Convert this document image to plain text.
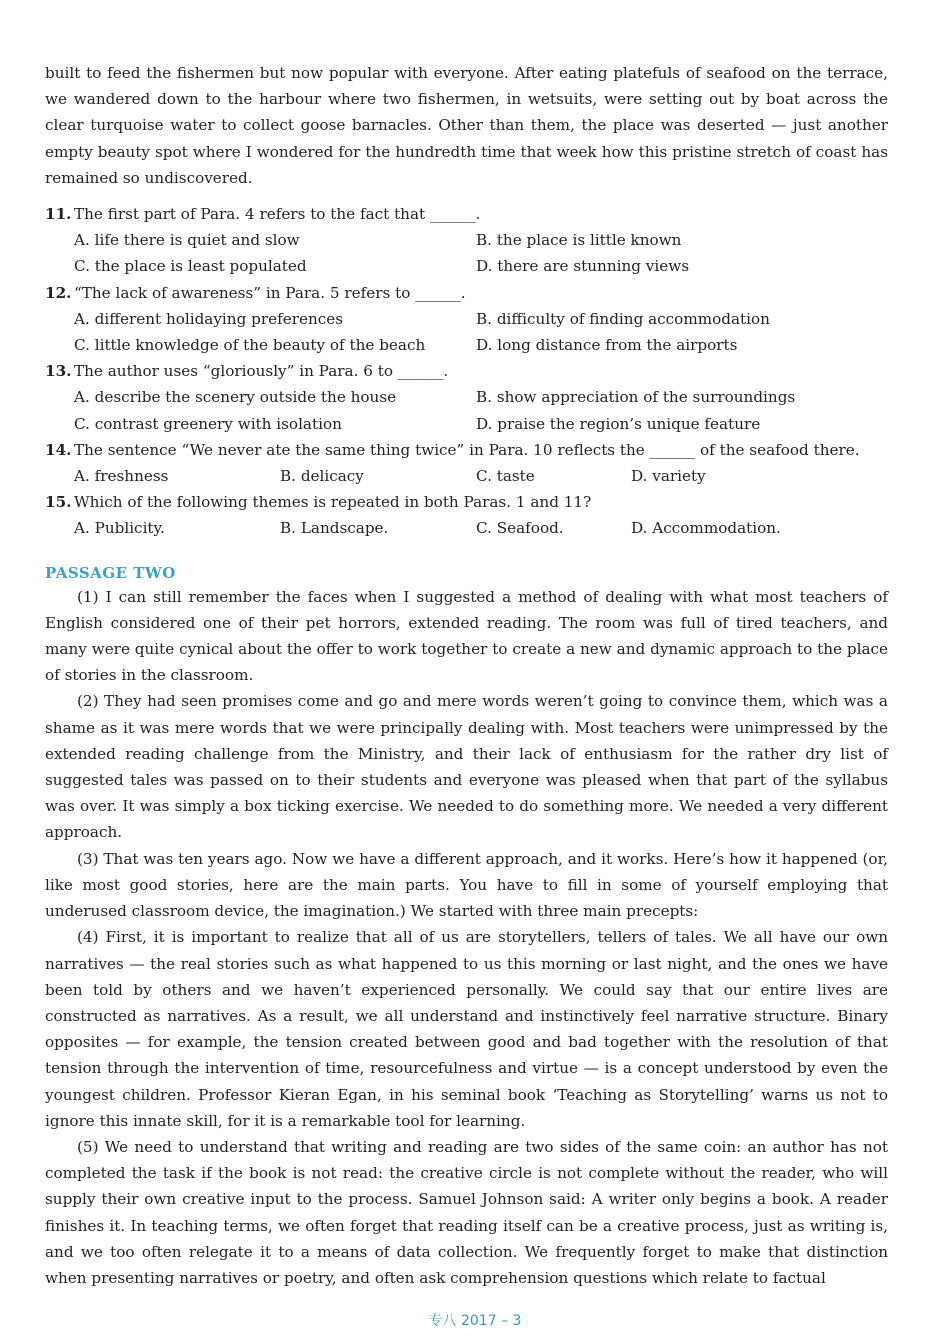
built to feed the fishermen but now popular with everyone. After eating platefuls of seafood on the terrace, we wandered down to the harbour where two fishermen, in wetsuits, were setting out by boat across the clear turquoise water to collect goose barnacles. Other than them, the place was deserted — just another empty beauty spot where I wondered for the hundredth time that week how this pristine stretch of coast has remained so undiscovered.

11. The first part of Para. 4 refers to the fact that ______.
A. life there is quiet and slow	B. the place is little known
C. the place is least populated	D. there are stunning views
12. “The lack of awareness” in Para. 5 refers to ______.
A. different holidaying preferences	B. difficulty of finding accommodation
C. little knowledge of the beauty of the beach	D. long distance from the airports
13. The author uses “gloriously” in Para. 6 to ______.
A. describe the scenery outside the house	B. show appreciation of the surroundings
C. contrast greenery with isolation	D. praise the region’s unique feature
14. The sentence “We never ate the same thing twice” in Para. 10 reflects the ______ of the seafood there.
A. freshness	B. delicacy	C. taste	D. variety
15. Which of the following themes is repeated in both Paras. 1 and 11?
A. Publicity.	B. Landscape.	C. Seafood.	D. Accommodation.
PASSAGE TWO

(1) I can still remember the faces when I suggested a method of dealing with what most teachers of English considered one of their pet horrors, extended reading. The room was full of tired teachers, and many were quite cynical about the offer to work together to create a new and dynamic approach to the place of stories in the classroom.

(2) They had seen promises come and go and mere words weren’t going to convince them, which was a shame as it was mere words that we were principally dealing with. Most teachers were unimpressed by the extended reading challenge from the Ministry, and their lack of enthusiasm for the rather dry list of suggested tales was passed on to their students and everyone was pleased when that part of the syllabus was over. It was simply a box ticking exercise. We needed to do something more. We needed a very different approach.

(3) That was ten years ago. Now we have a different approach, and it works. Here’s how it happened (or, like most good stories, here are the main parts. You have to fill in some of yourself employing that underused classroom device, the imagination.) We started with three main precepts:

(4) First, it is important to realize that all of us are storytellers, tellers of tales. We all have our own narratives — the real stories such as what happened to us this morning or last night, and the ones we have been told by others and we haven’t experienced personally. We could say that our entire lives are constructed as narratives. As a result, we all understand and instinctively feel narrative structure. Binary opposites — for example, the tension created between good and bad together with the resolution of that tension through the intervention of time, resourcefulness and virtue — is a concept understood by even the youngest children. Professor Kieran Egan, in his seminal book ‘Teaching as Storytelling’ warns us not to ignore this innate skill, for it is a remarkable tool for learning.

(5) We need to understand that writing and reading are two sides of the same coin: an author has not completed the task if the book is not read: the creative circle is not complete without the reader, who will supply their own creative input to the process. Samuel Johnson said: A writer only begins a book. A reader finishes it. In teaching terms, we often forget that reading itself can be a creative process, just as writing is, and we too often relegate it to a means of data collection. We frequently forget to make that distinction when presenting narratives or poetry, and often ask comprehension questions which relate to factual

专八 2017 – 3
